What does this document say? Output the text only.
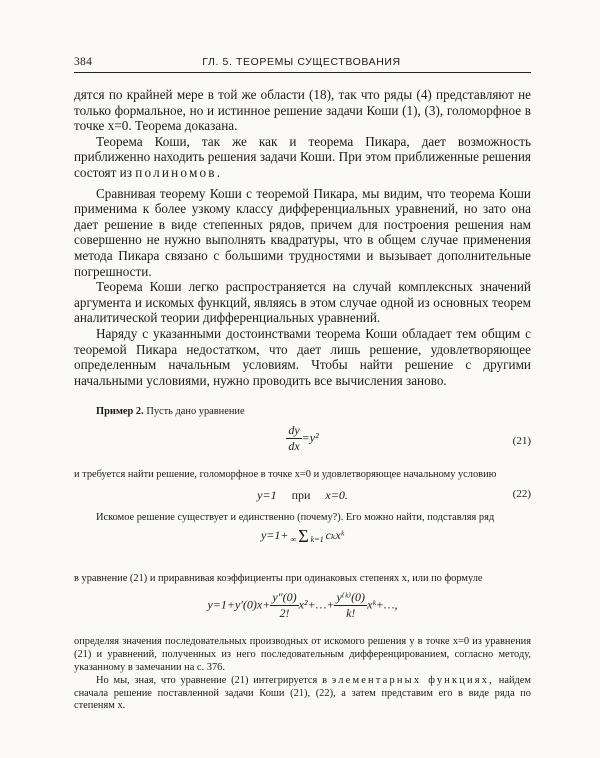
384	ГЛ. 5. ТЕОРЕМЫ СУЩЕСТВОВАНИЯ

дятся по крайней мере в той же области (18), так что ряды (4) представляют не только формальное, но и истинное решение задачи Коши (1), (3), голоморфное в точке x=0. Теорема доказана.

Теорема Коши, так же как и теорема Пикара, дает возможность приближенно находить решения задачи Коши. При этом приближенные решения состоят из полиномов.

Сравнивая теорему Коши с теоремой Пикара, мы видим, что теорема Коши применима к более узкому классу дифференциальных уравнений, но зато она дает решение в виде степенных рядов, причем для построения решения нам совершенно не нужно выполнять квадратуры, что в общем случае применения метода Пикара связано с большими трудностями и вызывает дополнительные погрешности.

Теорема Коши легко распространяется на случай комплексных значений аргумента и искомых функций, являясь в этом случае одной из основных теорем аналитической теории дифференциальных уравнений.

Наряду с указанными достоинствами теорема Коши обладает тем общим с теоремой Пикара недостатком, что дает лишь решение, удовлетворяющее определенным начальным условиям. Чтобы найти решение с другими начальными условиями, нужно проводить все вычисления заново.

Пример 2. Пусть дано уравнение

$\frac{dy}{dx} =y^2$	(21)

и требуется найти решение, голоморфное в точке x=0 и удовлетворяющее начальному условию

y=1 при x=0.	(22)

Искомое решение существует и единственно (почему?). Его можно найти, подставляя ряд

y=1+ ∞ Σ k=1 cₖxᵏ

в уравнение (21) и приравнивая коэффициенты при одинаковых степенях x, или по формуле

$y=1+y'(0)x+ \frac{y''(0)}{2!}$ x²+…+ $\frac{\text{y⁽ᵏ⁾(0)}}{k!}$ xᵏ+…,

определяя значения последовательных производных от искомого решения y в точке x=0 из уравнения (21) и уравнений, полученных из него последовательным дифференцированием, согласно методу, указанному в замечании на с. 376.

Но мы, зная, что уравнение (21) интегрируется в элементарных функциях, найдем сначала решение поставленной задачи Коши (21), (22), а затем представим его в виде ряда по степеням x.
